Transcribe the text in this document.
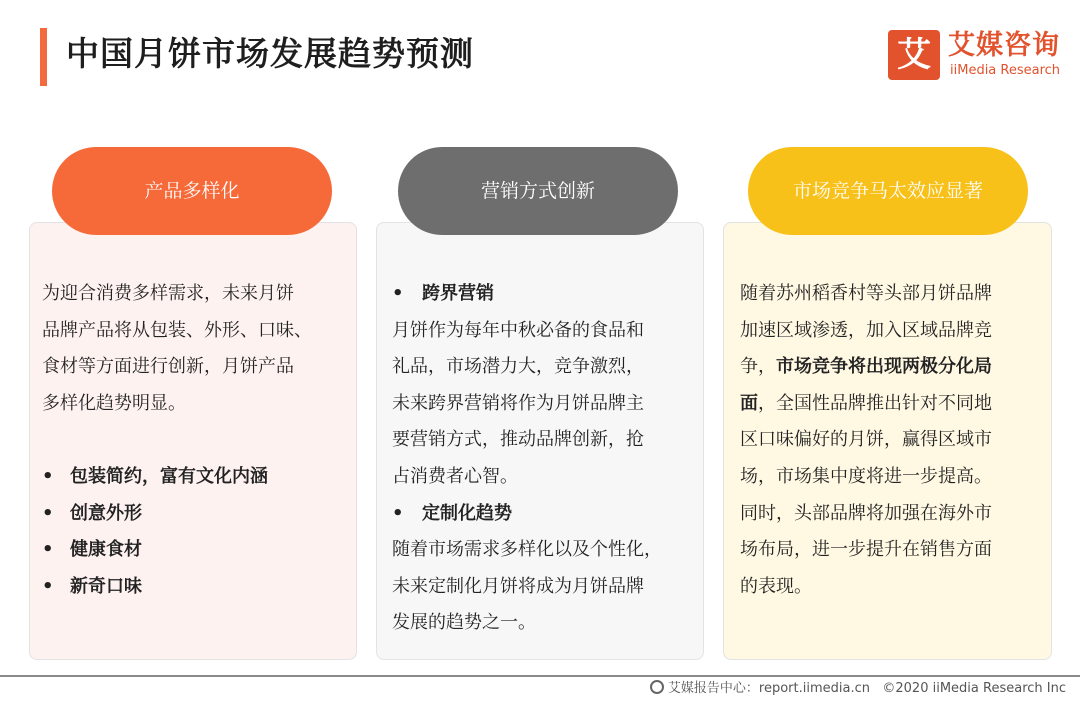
中国月饼市场发展趋势预测	艾 艾媒咨询
iiMedia Research
产品多样化	营销方式创新	市场竞争马太效应显著
为迎合消费多样需求，未来月饼
品牌产品将从包装、外形、口味、
食材等方面进行创新，月饼产品
多样化趋势明显。
• 包装简约，富有文化内涵
• 创意外形
• 健康食材
• 新奇口味
• 跨界营销
月饼作为每年中秋必备的食品和
礼品，市场潜力大，竞争激烈，
未来跨界营销将作为月饼品牌主
要营销方式，推动品牌创新，抢
占消费者心智。
• 定制化趋势
随着市场需求多样化以及个性化，
未来定制化月饼将成为月饼品牌
发展的趋势之一。
随着苏州稻香村等头部月饼品牌
加速区域渗透，加入区域品牌竞
争，市场竞争将出现两极分化局
面，全国性品牌推出针对不同地
区口味偏好的月饼，赢得区域市
场，市场集中度将进一步提高。
同时，头部品牌将加强在海外市
场布局，进一步提升在销售方面
的表现。
艾媒报告中心：report.iimedia.cn ©2020 iiMedia Research Inc
